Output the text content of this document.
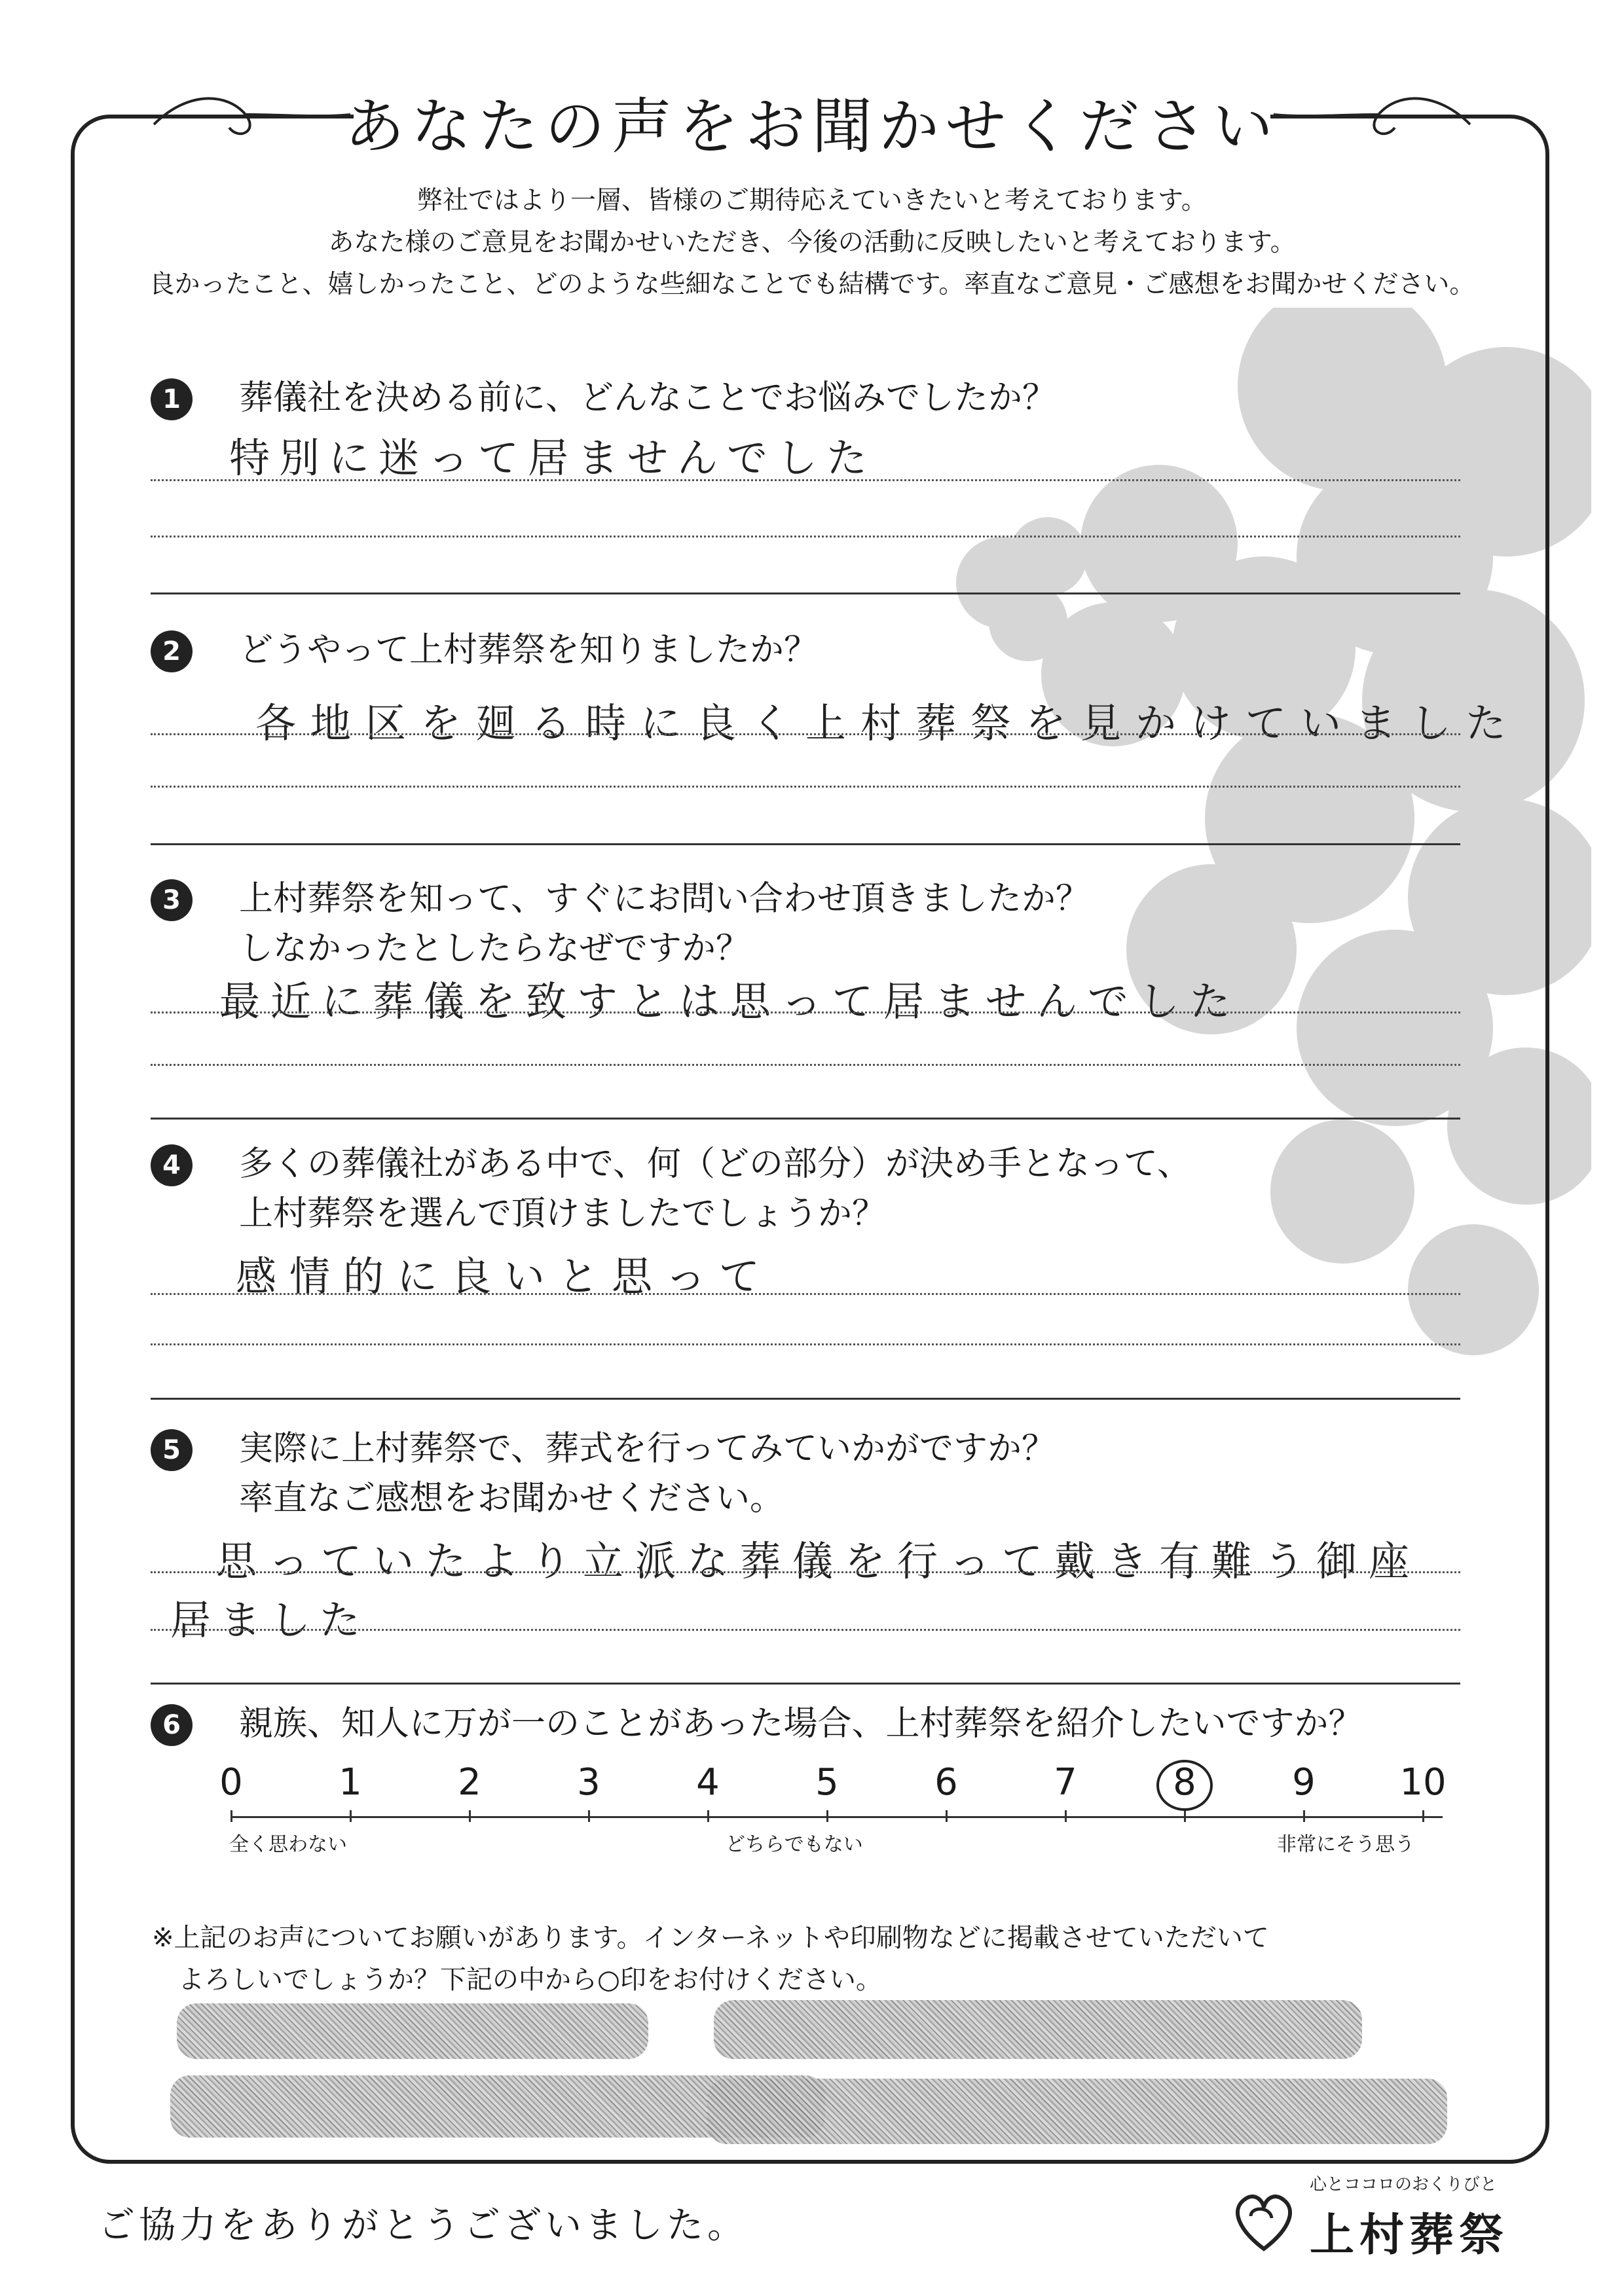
あなたの声をお聞かせください
弊社ではより一層、皆様のご期待応えていきたいと考えております。
あなた様のご意見をお聞かせいただき、今後の活動に反映したいと考えております。
良かったこと、嬉しかったこと、どのような些細なことでも結構です。率直なご意見・ご感想をお聞かせください。
1	葬儀社を決める前に、どんなことでお悩みでしたか？
特別に迷って居ませんでした
2	どうやって上村葬祭を知りましたか？
各地区を廻る時に良く上村葬祭を見かけていました
3	上村葬祭を知って、すぐにお問い合わせ頂きましたか？
しなかったとしたらなぜですか？
最近に葬儀を致すとは思って居ませんでした
4	多くの葬儀社がある中で、何（どの部分）が決め手となって、
上村葬祭を選んで頂けましたでしょうか？
感情的に良いと思って
5	実際に上村葬祭で、葬式を行ってみていかがですか？
率直なご感想をお聞かせください。
思っていたより立派な葬儀を行って戴き有難う御座
居ました
6	親族、知人に万が一のことがあった場合、上村葬祭を紹介したいですか？
0	1	2	3	4	5	6	7	8	9	10
全く思わない	どちらでもない	非常にそう思う
※上記のお声についてお願いがあります。インターネットや印刷物などに掲載させていただいて
よろしいでしょうか？下記の中から○印をお付けください。
ご協力をありがとうございました。
心とココロのおくりびと
上村葬祭
